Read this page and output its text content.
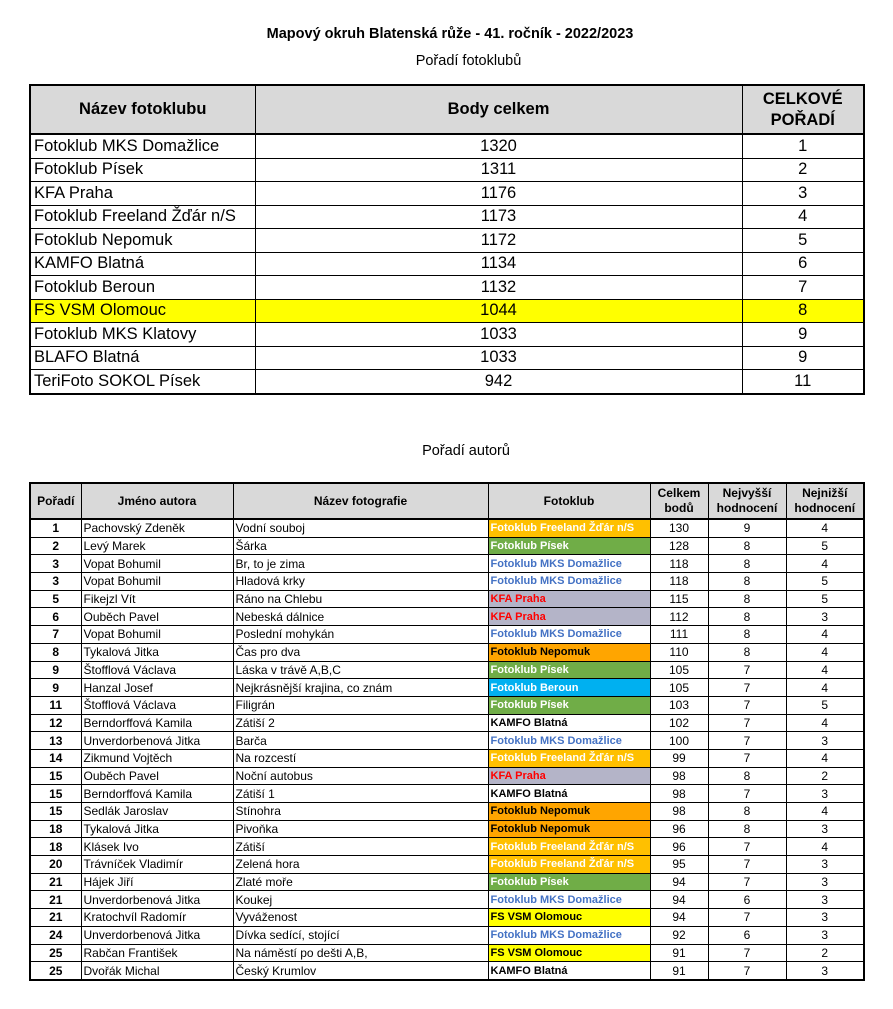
Mapový okruh Blatenská růže - 41. ročník - 2022/2023
Pořadí fotoklubů
Název fotoklubu	Body celkem	CELKOVÉ POŘADÍ
Fotoklub MKS Domažlice	1320	1
Fotoklub Písek	1311	2
KFA Praha	1176	3
Fotoklub Freeland Žďár n/S	1173	4
Fotoklub Nepomuk	1172	5
KAMFO Blatná	1134	6
Fotoklub Beroun	1132	7
FS VSM Olomouc	1044	8
Fotoklub MKS Klatovy	1033	9
BLAFO Blatná	1033	9
TeriFoto SOKOL Písek	942	11
Pořadí autorů
Pořadí	Jméno autora	Název fotografie	Fotoklub	Celkem bodů	Nejvyšší hodnocení	Nejnižší hodnocení
1	Pachovský Zdeněk	Vodní souboj	Fotoklub Freeland Žďár n/S	130	9	4
2	Levý Marek	Šárka	Fotoklub Písek	128	8	5
3	Vopat Bohumil	Br, to je zima	Fotoklub MKS Domažlice	118	8	4
3	Vopat Bohumil	Hladová krky	Fotoklub MKS Domažlice	118	8	5
5	Fikejzl Vít	Ráno na Chlebu	KFA Praha	115	8	5
6	Ouběch Pavel	Nebeská dálnice	KFA Praha	112	8	3
7	Vopat Bohumil	Poslední mohykán	Fotoklub MKS Domažlice	111	8	4
8	Tykalová Jitka	Čas pro dva	Fotoklub Nepomuk	110	8	4
9	Štofflová Václava	Láska v trávě A,B,C	Fotoklub Písek	105	7	4
9	Hanzal Josef	Nejkrásnější krajina, co znám	Fotoklub Beroun	105	7	4
11	Štofflová Václava	Filigrán	Fotoklub Písek	103	7	5
12	Berndorffová Kamila	Zátiší 2	KAMFO Blatná	102	7	4
13	Unverdorbenová Jitka	Barča	Fotoklub MKS Domažlice	100	7	3
14	Zikmund Vojtěch	Na rozcestí	Fotoklub Freeland Žďár n/S	99	7	4
15	Ouběch Pavel	Noční autobus	KFA Praha	98	8	2
15	Berndorffová Kamila	Zátiší 1	KAMFO Blatná	98	7	3
15	Sedlák Jaroslav	Stínohra	Fotoklub Nepomuk	98	8	4
18	Tykalová Jitka	Pivoňka	Fotoklub Nepomuk	96	8	3
18	Klásek Ivo	Zátiší	Fotoklub Freeland Žďár n/S	96	7	4
20	Trávníček Vladimír	Zelená hora	Fotoklub Freeland Žďár n/S	95	7	3
21	Hájek Jiří	Zlaté moře	Fotoklub Písek	94	7	3
21	Unverdorbenová Jitka	Koukej	Fotoklub MKS Domažlice	94	6	3
21	Kratochvíl Radomír	Vyváženost	FS VSM Olomouc	94	7	3
24	Unverdorbenová Jitka	Dívka sedící, stojící	Fotoklub MKS Domažlice	92	6	3
25	Rabčan František	Na náměstí po dešti A,B,	FS VSM Olomouc	91	7	2
25	Dvořák Michal	Český Krumlov	KAMFO Blatná	91	7	3
